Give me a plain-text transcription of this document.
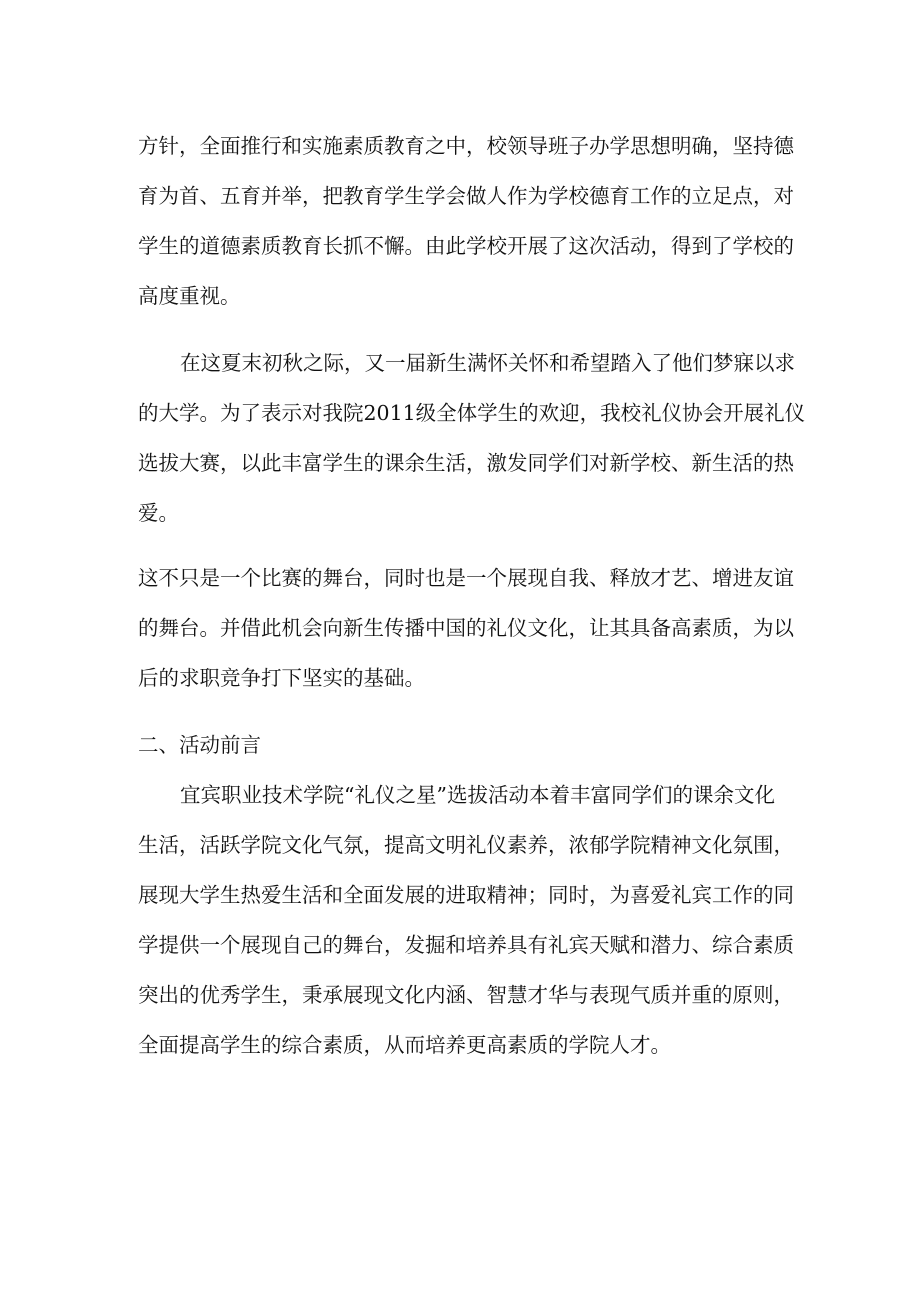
方针，全面推行和实施素质教育之中，校领导班子办学思想明确，坚持德

育为首、五育并举，把教育学生学会做人作为学校德育工作的立足点，对

学生的道德素质教育长抓不懈。由此学校开展了这次活动，得到了学校的

高度重视。

在这夏末初秋之际，又一届新生满怀关怀和希望踏入了他们梦寐以求

的大学。为了表示对我院2011级全体学生的欢迎，我校礼仪协会开展礼仪

选拔大赛，以此丰富学生的课余生活，激发同学们对新学校、新生活的热

爱。

这不只是一个比赛的舞台，同时也是一个展现自我、释放才艺、增进友谊

的舞台。并借此机会向新生传播中国的礼仪文化，让其具备高素质，为以

后的求职竞争打下坚实的基础。

二、活动前言

宜宾职业技术学院“礼仪之星”选拔活动本着丰富同学们的课余文化

生活，活跃学院文化气氛，提高文明礼仪素养，浓郁学院精神文化氛围，

展现大学生热爱生活和全面发展的进取精神；同时，为喜爱礼宾工作的同

学提供一个展现自己的舞台，发掘和培养具有礼宾天赋和潜力、综合素质

突出的优秀学生，秉承展现文化内涵、智慧才华与表现气质并重的原则，

全面提高学生的综合素质，从而培养更高素质的学院人才。
